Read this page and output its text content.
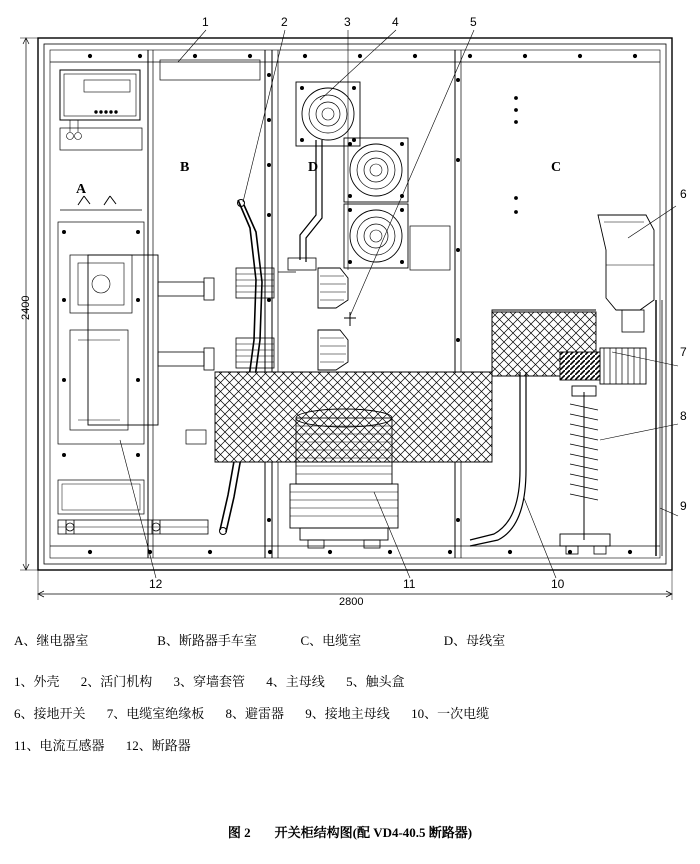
1	2	3	4	5
6
7
8
9
10
11
12
A
B	C
D
2400
2800
A、继电器室	B、断路器手车室	C、电缆室	D、母线室
1、外壳 2、活门机构 3、穿墙套管 4、主母线 5、触头盒
6、接地开关 7、电缆室绝缘板 8、避雷器 9、接地主母线 10、一次电缆
11、电流互感器 12、断路器
图 2 开关柜结构图(配 VD4-40.5 断路器)
